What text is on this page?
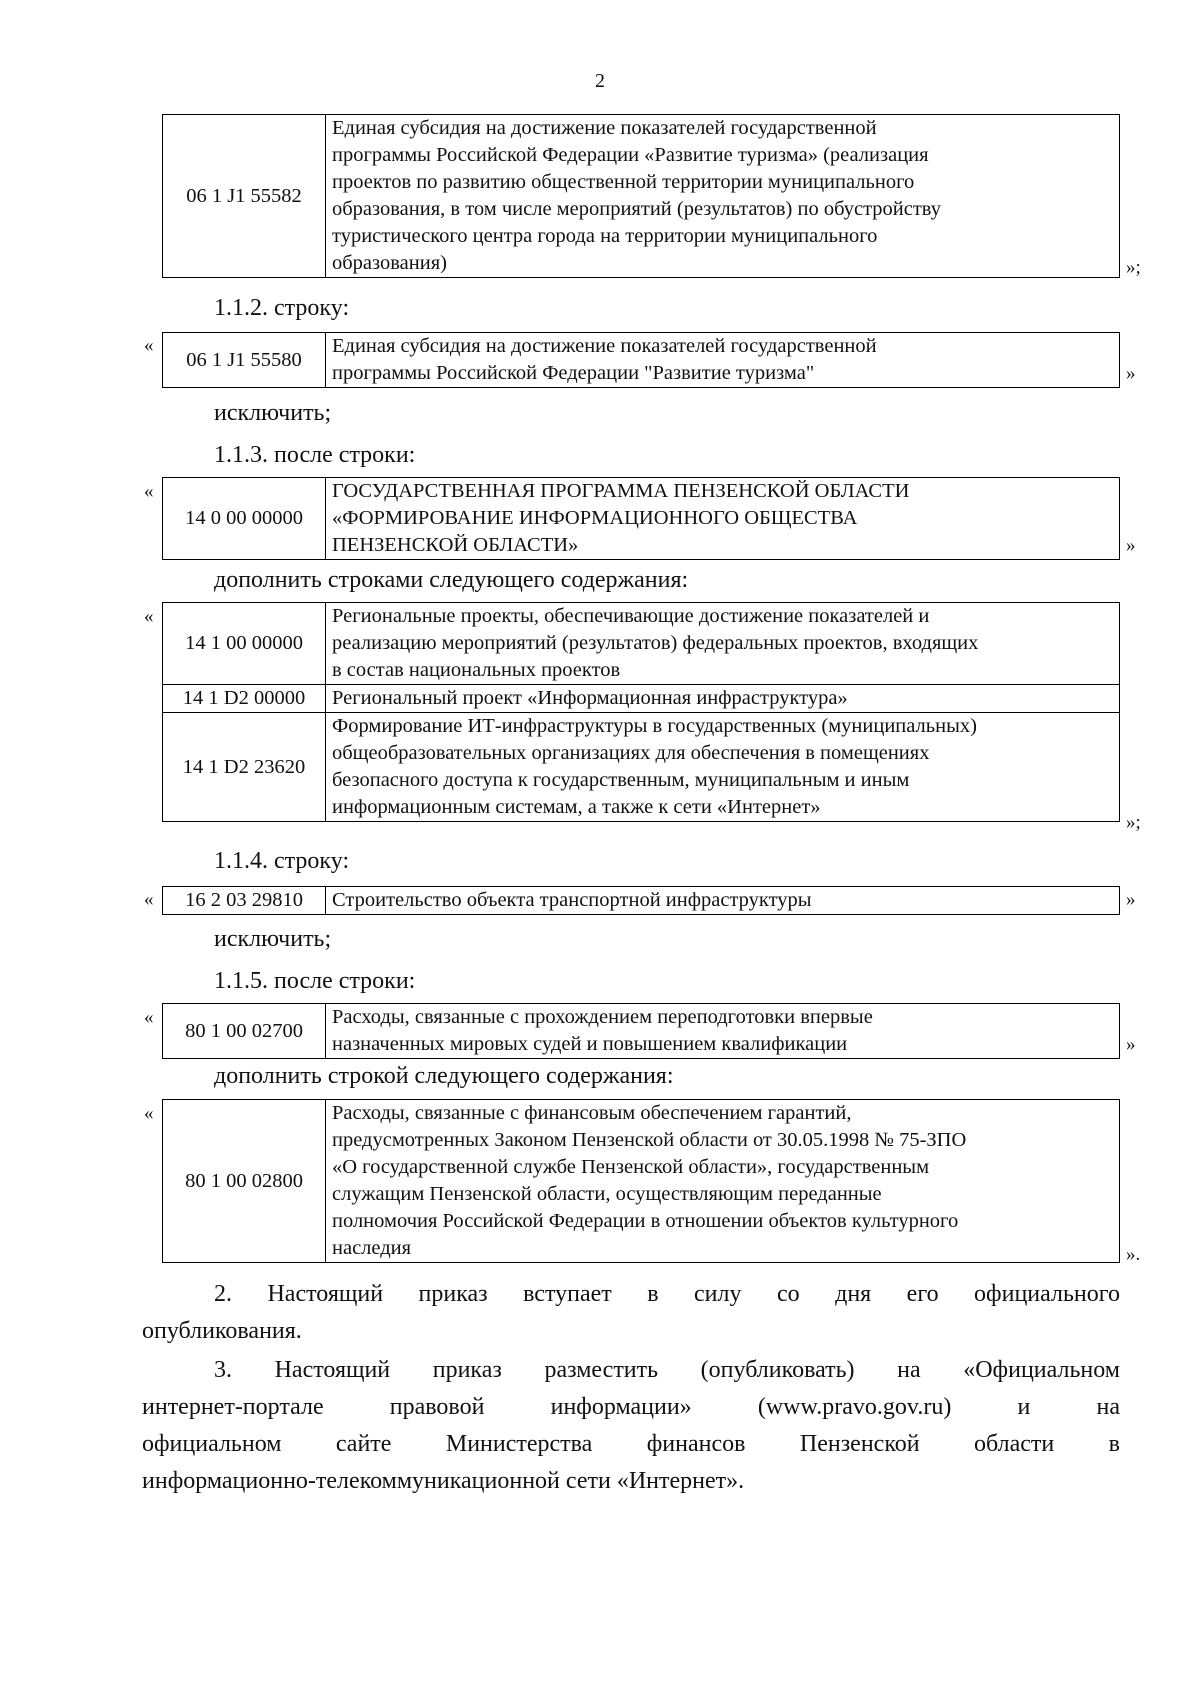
2
06 1 J1 55582	
Единая субсидия на достижение показателей государственной
программы Российской Федерации «Развитие туризма» (реализация
проектов по развитию общественной территории муниципального
образования, в том числе мероприятий (результатов) по обустройству
туристического центра города на территории муниципального
образования)	»;
1.1.2. строку:
«
06 1 J1 55580	
Единая субсидия на достижение показателей государственной
программы Российской Федерации "Развитие туризма"	»
исключить;
1.1.3. после строки:
«
14 0 00 00000	
ГОСУДАРСТВЕННАЯ ПРОГРАММА ПЕНЗЕНСКОЙ ОБЛАСТИ
«ФОРМИРОВАНИЕ ИНФОРМАЦИОННОГО ОБЩЕСТВА
ПЕНЗЕНСКОЙ ОБЛАСТИ»	»
дополнить строками следующего содержания:
«
14 1 00 00000	Региональные проекты, обеспечивающие достижение показателей и
реализацию мероприятий (результатов) федеральных проектов, входящих
в состав национальных проектов

14 1 D2 00000	Региональный проект «Информационная инфраструктура»

14 1 D2 23620	Формирование ИТ-инфраструктуры в государственных (муниципальных)
общеобразовательных организациях для обеспечения в помещениях
безопасного доступа к государственным, муниципальным и иным
информационным системам, а также к сети «Интернет»
»;
1.1.4. строку:
« 16 2 03 29810	Строительство объекта транспортной инфраструктуры	»
исключить;
1.1.5. после строки:
«
80 1 00 02700	
Расходы, связанные с прохождением переподготовки впервые
назначенных мировых судей и повышением квалификации	»
дополнить строкой следующего содержания:
«
80 1 00 02800	
Расходы, связанные с финансовым обеспечением гарантий,
предусмотренных Законом Пензенской области от 30.05.1998 № 75-ЗПО
«О государственной службе Пензенской области», государственным
служащим Пензенской области, осуществляющим переданные
полномочия Российской Федерации в отношении объектов культурного
наследия	».
2. Настоящий приказ вступает в силу со дня его официального
опубликования.
3. Настоящий приказ разместить (опубликовать) на «Официальном
интернет-портале правовой информации» (www.pravo.gov.ru) и на
официальном сайте Министерства финансов Пензенской области в
информационно-телекоммуникационной сети «Интернет».
